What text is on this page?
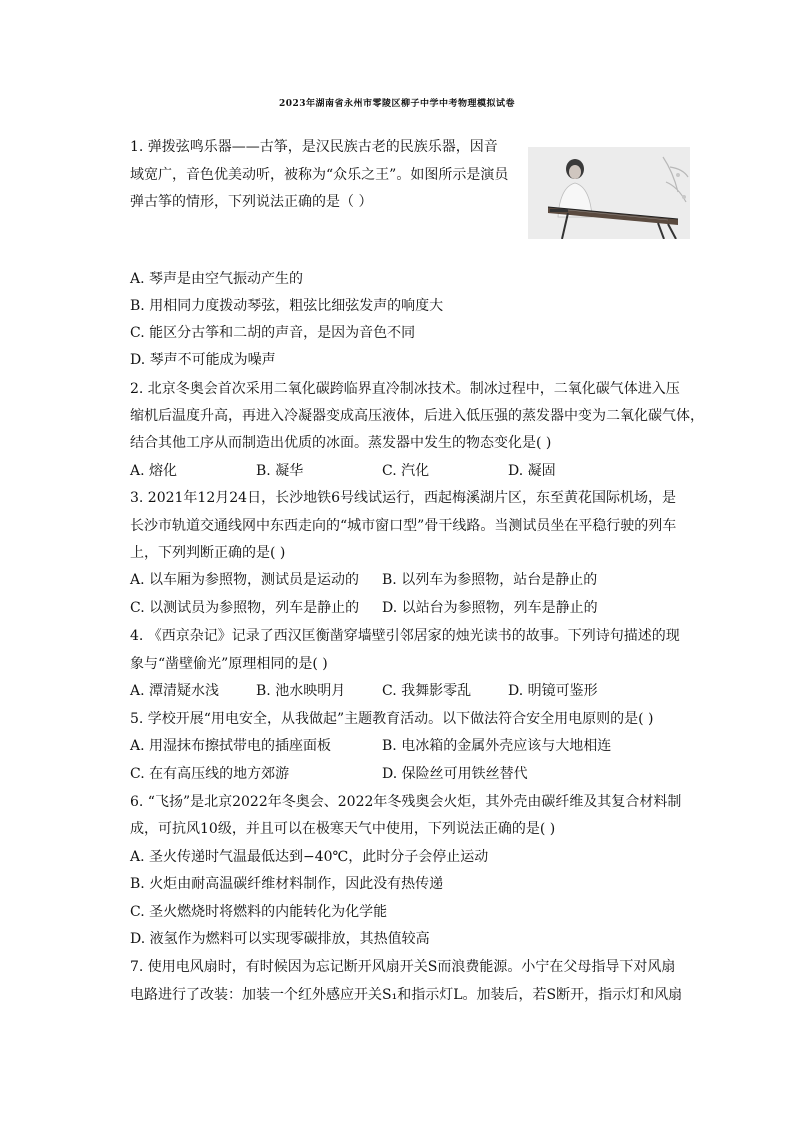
2023年湖南省永州市零陵区柳子中学中考物理模拟试卷
1. 弹拨弦鸣乐器——古筝，是汉民族古老的民族乐器，因音
域宽广，音色优美动听，被称为“众乐之王”。如图所示是演员
弹古筝的情形，下列说法正确的是（ ）
A. 琴声是由空气振动产生的
B. 用相同力度拨动琴弦，粗弦比细弦发声的响度大
C. 能区分古筝和二胡的声音，是因为音色不同
D. 琴声不可能成为噪声
2. 北京冬奥会首次采用二氧化碳跨临界直冷制冰技术。制冰过程中，二氧化碳气体进入压
缩机后温度升高，再进入冷凝器变成高压液体，后进入低压强的蒸发器中变为二氧化碳气体，
结合其他工序从而制造出优质的冰面。蒸发器中发生的物态变化是( )
A. 熔化	B. 凝华	C. 汽化	D. 凝固
3. 2021年12月24日，长沙地铁6号线试运行，西起梅溪湖片区，东至黄花国际机场，是
长沙市轨道交通线网中东西走向的“城市窗口型”骨干线路。当测试员坐在平稳行驶的列车
上，下列判断正确的是( )
A. 以车厢为参照物，测试员是运动的 B. 以列车为参照物，站台是静止的
C. 以测试员为参照物，列车是静止的 D. 以站台为参照物，列车是静止的
4. 《西京杂记》记录了西汉匡衡凿穿墙壁引邻居家的烛光读书的故事。下列诗句描述的现
象与“凿壁偷光”原理相同的是( )
A. 潭清疑水浅	B. 池水映明月	C. 我舞影零乱	D. 明镜可鉴形
5. 学校开展“用电安全，从我做起”主题教育活动。以下做法符合安全用电原则的是( )
A. 用湿抹布擦拭带电的插座面板	B. 电冰箱的金属外壳应该与大地相连
C. 在有高压线的地方郊游	D. 保险丝可用铁丝替代
6. “飞扬”是北京2022年冬奥会、2022年冬残奥会火炬，其外壳由碳纤维及其复合材料制
成，可抗风10级，并且可以在极寒天气中使用，下列说法正确的是( )
A. 圣火传递时气温最低达到−40℃，此时分子会停止运动
B. 火炬由耐高温碳纤维材料制作，因此没有热传递
C. 圣火燃烧时将燃料的内能转化为化学能
D. 液氢作为燃料可以实现零碳排放，其热值较高
7. 使用电风扇时，有时候因为忘记断开风扇开关S而浪费能源。小宁在父母指导下对风扇
电路进行了改装：加装一个红外感应开关S₁和指示灯L。加装后，若S断开，指示灯和风扇
